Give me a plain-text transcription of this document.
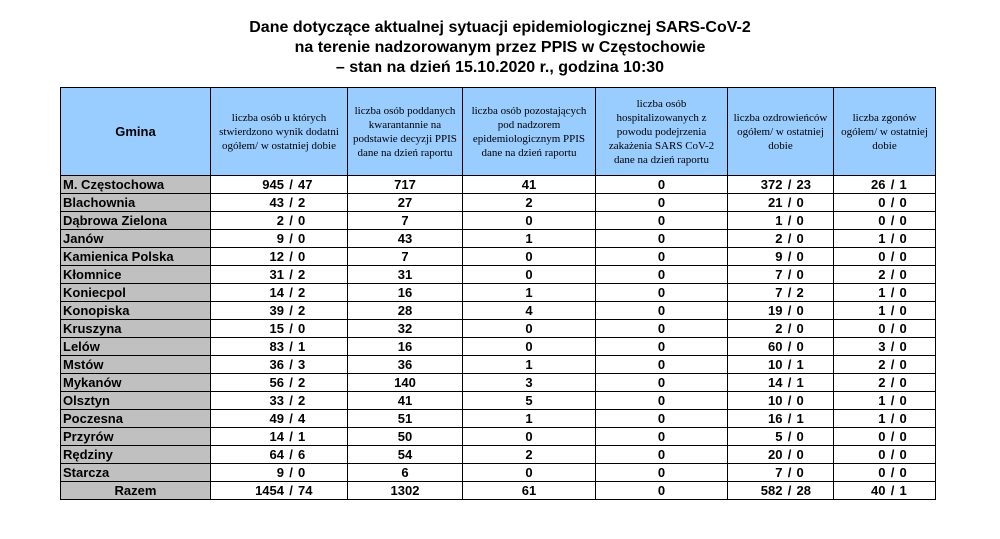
Dane dotyczące aktualnej sytuacji epidemiologicznej SARS-CoV-2
na terenie nadzorowanym przez PPIS w Częstochowie
– stan na dzień 15.10.2020 r., godzina 10:30
Gmina	liczba osób u których stwierdzono wynik dodatni ogółem/ w ostatniej dobie	liczba osób poddanych kwarantannie na podstawie decyzji PPIS dane na dzień raportu	liczba osób pozostających pod nadzorem epidemiologicznym PPIS dane na dzień raportu	liczba osób hospitalizowanych z powodu podejrzenia zakażenia SARS CoV-2 dane na dzień raportu	liczba ozdrowieńców ogółem/ w ostatniej dobie	liczba zgonów ogółem/ w ostatniej dobie
M. Częstochowa	945 / 47	717	41	0	372 / 23	26 / 1
Blachownia	43 / 2	27	2	0	21 / 0	0 / 0
Dąbrowa Zielona	2 / 0	7	0	0	1 / 0	0 / 0
Janów	9 / 0	43	1	0	2 / 0	1 / 0
Kamienica Polska	12 / 0	7	0	0	9 / 0	0 / 0
Kłomnice	31 / 2	31	0	0	7 / 0	2 / 0
Koniecpol	14 / 2	16	1	0	7 / 2	1 / 0
Konopiska	39 / 2	28	4	0	19 / 0	1 / 0
Kruszyna	15 / 0	32	0	0	2 / 0	0 / 0
Lelów	83 / 1	16	0	0	60 / 0	3 / 0
Mstów	36 / 3	36	1	0	10 / 1	2 / 0
Mykanów	56 / 2	140	3	0	14 / 1	2 / 0
Olsztyn	33 / 2	41	5	0	10 / 0	1 / 0
Poczesna	49 / 4	51	1	0	16 / 1	1 / 0
Przyrów	14 / 1	50	0	0	5 / 0	0 / 0
Rędziny	64 / 6	54	2	0	20 / 0	0 / 0
Starcza	9 / 0	6	0	0	7 / 0	0 / 0
Razem	1454 / 74	1302	61	0	582 / 28	40 / 1
